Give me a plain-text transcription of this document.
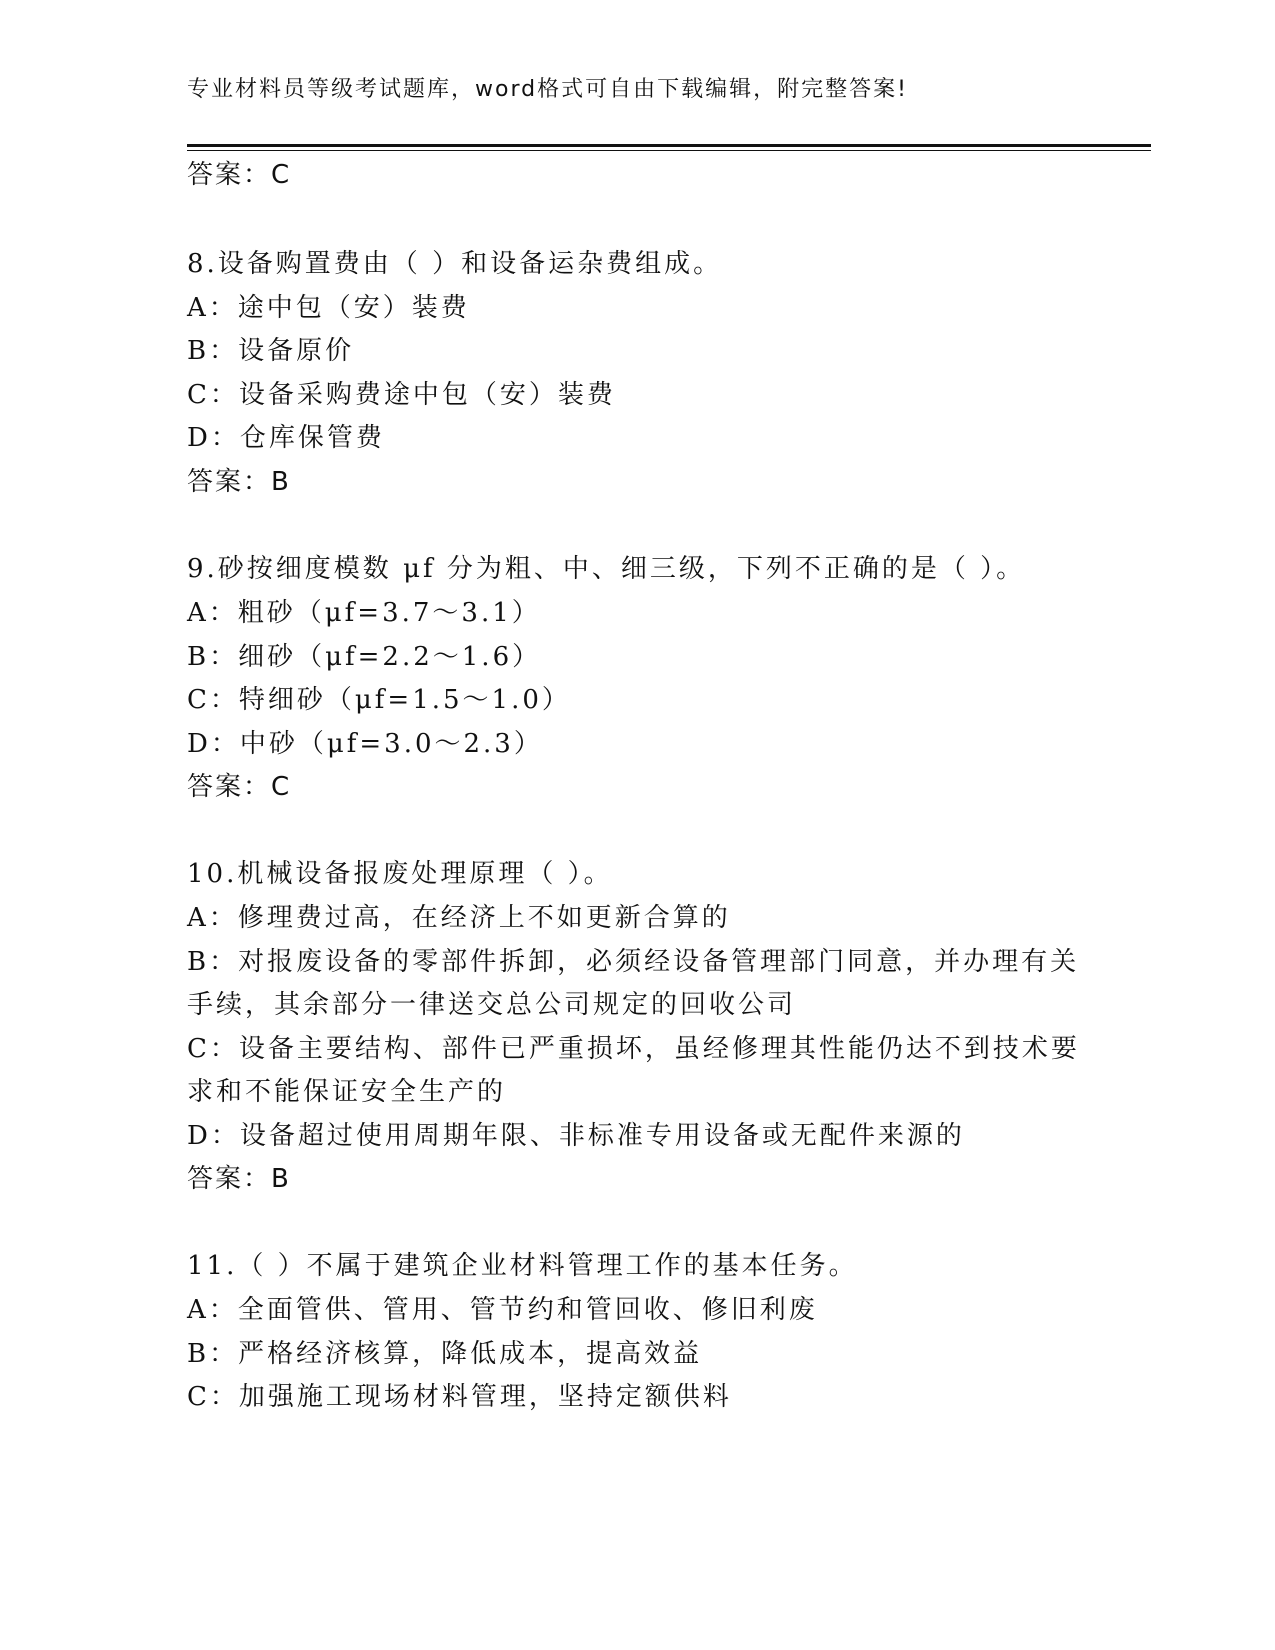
专业材料员等级考试题库，word格式可自由下载编辑，附完整答案!
答案：C
8.设备购置费由（ ）和设备运杂费组成。
A：途中包（安）装费
B：设备原价
C：设备采购费途中包（安）装费
D：仓库保管费
答案：B
9.砂按细度模数 μf 分为粗、中、细三级，下列不正确的是（ ）。
A：粗砂（μf=3.7～3.1）
B：细砂（μf=2.2～1.6）
C：特细砂（μf=1.5～1.0）
D：中砂（μf=3.0～2.3）
答案：C
10.机械设备报废处理原理（ ）。
A：修理费过高，在经济上不如更新合算的
B：对报废设备的零部件拆卸，必须经设备管理部门同意，并办理有关
手续，其余部分一律送交总公司规定的回收公司
C：设备主要结构、部件已严重损坏，虽经修理其性能仍达不到技术要
求和不能保证安全生产的
D：设备超过使用周期年限、非标准专用设备或无配件来源的
答案：B
11.（ ）不属于建筑企业材料管理工作的基本任务。
A：全面管供、管用、管节约和管回收、修旧利废
B：严格经济核算，降低成本，提高效益
C：加强施工现场材料管理，坚持定额供料
